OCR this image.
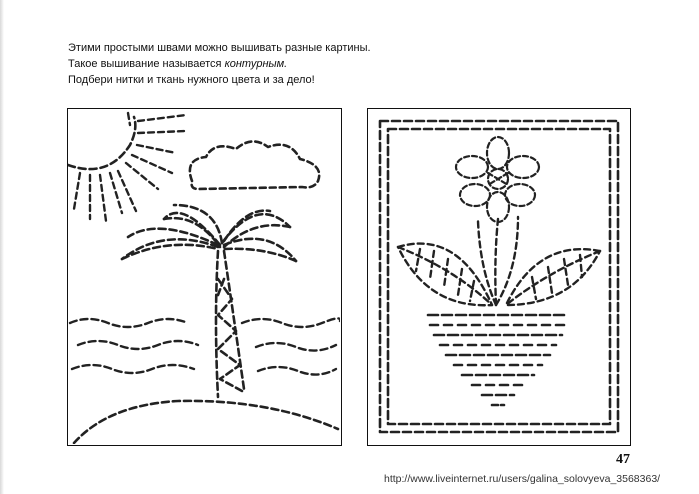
Этими простыми швами можно вышивать разные картины.
Такое вышивание называется контурным.
Подбери нитки и ткань нужного цвета и за дело!
47
http://www.liveinternet.ru/users/galina_solovyeva_3568363/
